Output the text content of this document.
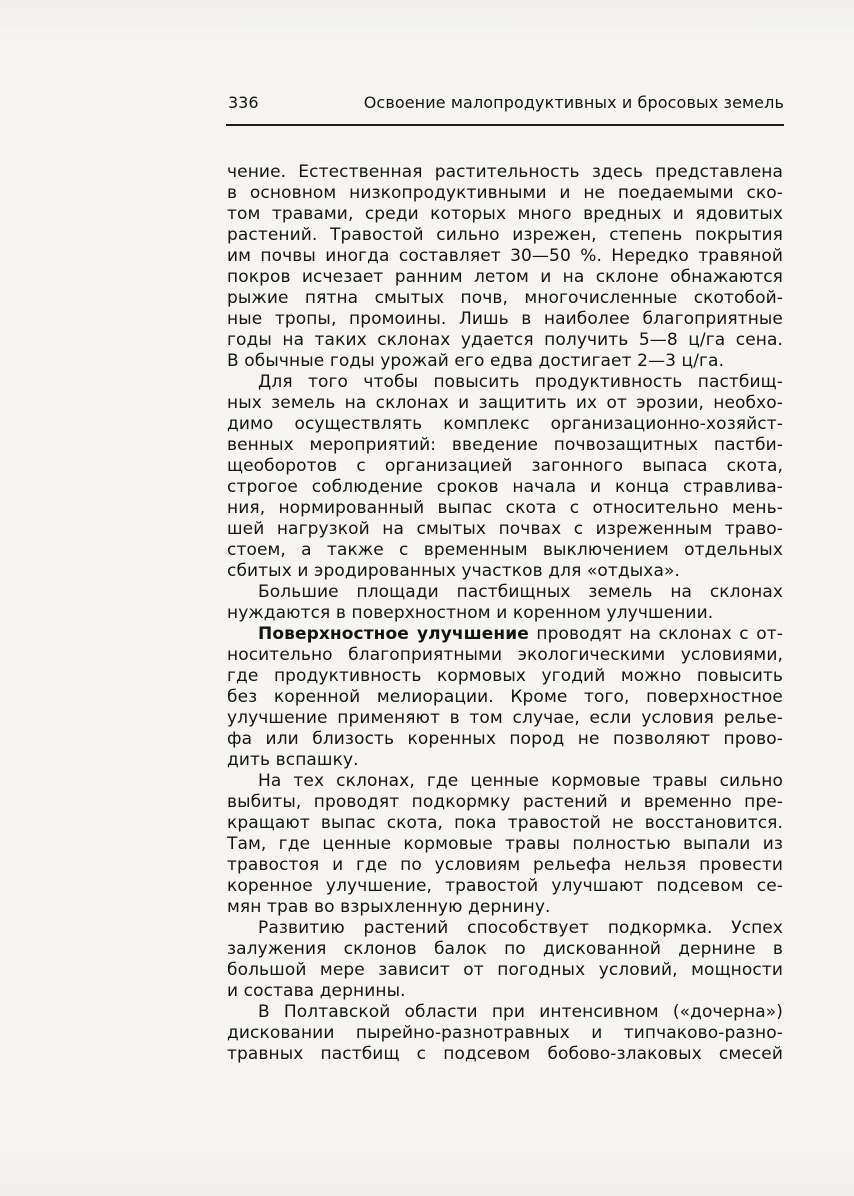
336	Освоение малопродуктивных и бросовых земель
чение. Естественная растительность здесь представлена
в основном низкопродуктивными и не поедаемыми ско-
том травами, среди которых много вредных и ядовитых
растений. Травостой сильно изрежен, степень покрытия
им почвы иногда составляет 30—50 %. Нередко травяной
покров исчезает ранним летом и на склоне обнажаются
рыжие пятна смытых почв, многочисленные скотобой-
ные тропы, промоины. Лишь в наиболее благоприятные
годы на таких склонах удается получить 5—8 ц/га сена.
В обычные годы урожай его едва достигает 2—3 ц/га.
Для того чтобы повысить продуктивность пастбищ-
ных земель на склонах и защитить их от эрозии, необхо-
димо осуществлять комплекс организационно-хозяйст-
венных мероприятий: введение почвозащитных пастби-
щеоборотов с организацией загонного выпаса скота,
строгое соблюдение сроков начала и конца стравлива-
ния, нормированный выпас скота с относительно мень-
шей нагрузкой на смытых почвах с изреженным траво-
стоем, а также с временным выключением отдельных
сбитых и эродированных участков для «отдыха».
Большие площади пастбищных земель на склонах
нуждаются в поверхностном и коренном улучшении.
Поверхностное улучшение проводят на склонах с от-
носительно благоприятными экологическими условиями,
где продуктивность кормовых угодий можно повысить
без коренной мелиорации. Кроме того, поверхностное
улучшение применяют в том случае, если условия релье-
фа или близость коренных пород не позволяют прово-
дить вспашку.
На тех склонах, где ценные кормовые травы сильно
выбиты, проводят подкормку растений и временно пре-
кращают выпас скота, пока травостой не восстановится.
Там, где ценные кормовые травы полностью выпали из
травостоя и где по условиям рельефа нельзя провести
коренное улучшение, травостой улучшают подсевом се-
мян трав во взрыхленную дернину.
Развитию растений способствует подкормка. Успех
залужения склонов балок по дискованной дернине в
большой мере зависит от погодных условий, мощности
и состава дернины.
В Полтавской области при интенсивном («дочерна»)
дисковании пырейно-разнотравных и типчаково-разно-
травных пастбищ с подсевом бобово-злаковых смесей
